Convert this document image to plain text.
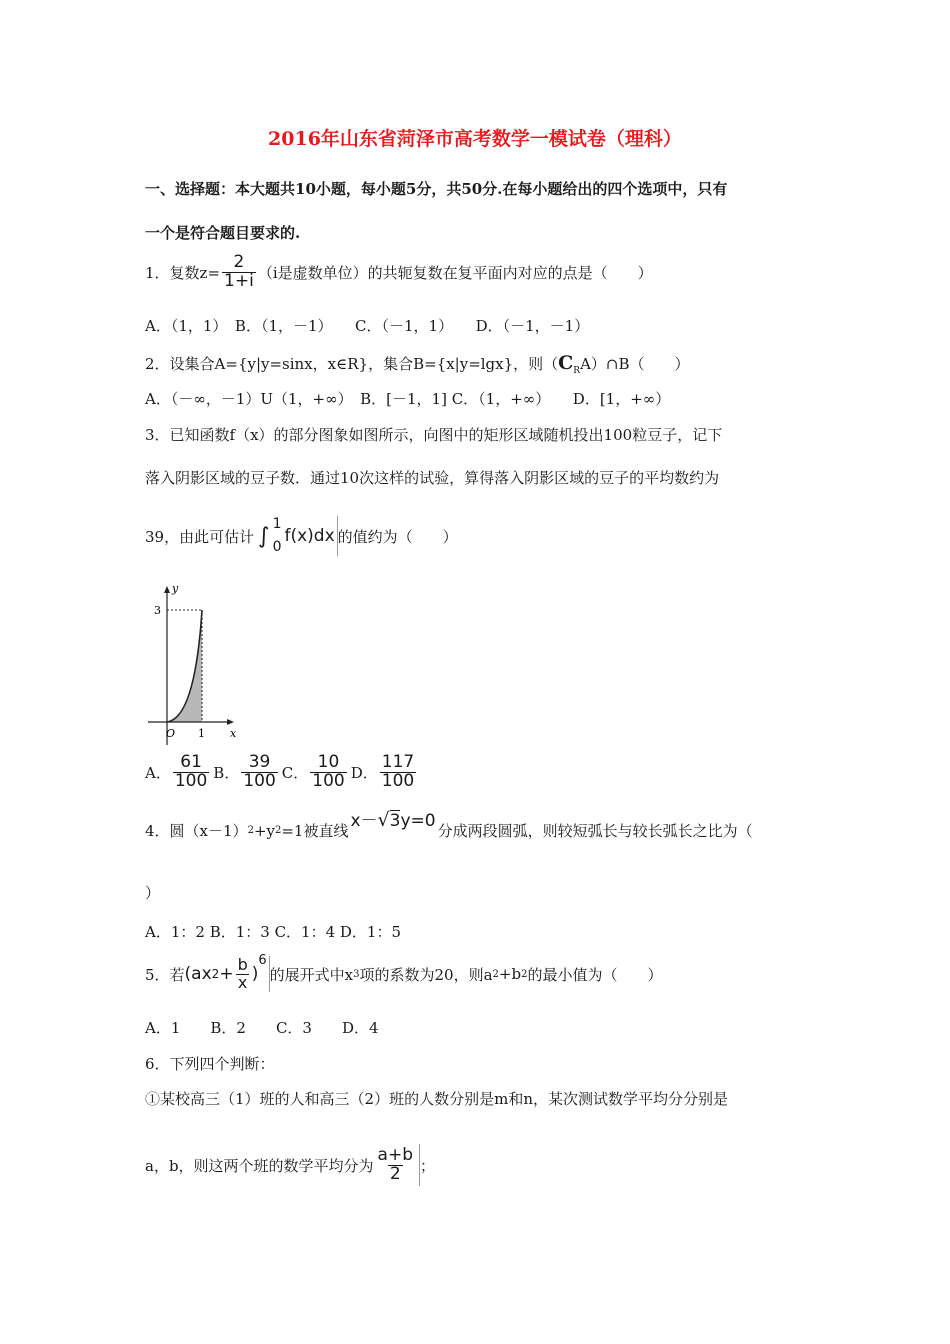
2016年山东省菏泽市高考数学一模试卷（理科）
一、选择题：本大题共10小题，每小题5分，共50分.在每小题给出的四个选项中，只有
一个是符合题目要求的.
1．复数$z= \frac{2}{1+i} (i$是虚数单位）的共轭复数在复平面内对应的点是（　　）
A．（1，1）　B．（1，－1）　　C．（－1，1）　　D．（－1，－1）
2．设集合A={y|y=sinx，x∈R}，集合B={x|y=lgx}，则$(C_RA)\cap B$（　　）
A．（－∞，－1）U（1，+∞）　B．[－1，1] C．（1，+∞）　　D．[1，+∞）
3．已知函数f（x）的部分图象如图所示，向图中的矩形区域随机投出100粒豆子，记下
落入阴影区域的豆子数．通过10次这样的试验，算得落入阴影区域的豆子的平均数约为
39，由此可估计 ∫ 1
0
f(x)dx 的值约为（　　）
y
x
O 1
3
A． $\frac{61}{100}$ B． $\frac{39}{100}$ C． $\frac{10}{100}$ D． $\frac{117}{100}$
4．圆（x－1） 2 +y 2 =1被直线 x－√3y=0 分成两段圆弧，则较短弧长与较长弧长之比为（
）
A．1：2 B．1：3 C．1：4 D．1：5
5．若 (ax $2 + \frac{b}{x}$ )
6
的展开式中x 3 项的系数为20，则a 2 +b 2 的最小值为（　　）
A．1　　B．2　　C．3　　D．4
6．下列四个判断：
①某校高三（1）班的人和高三（2）班的人数分别是m和n，某次测试数学平均分分别是
a，b，则这两个班的数学平均分为 $\frac{a+b}{2}$ ；
